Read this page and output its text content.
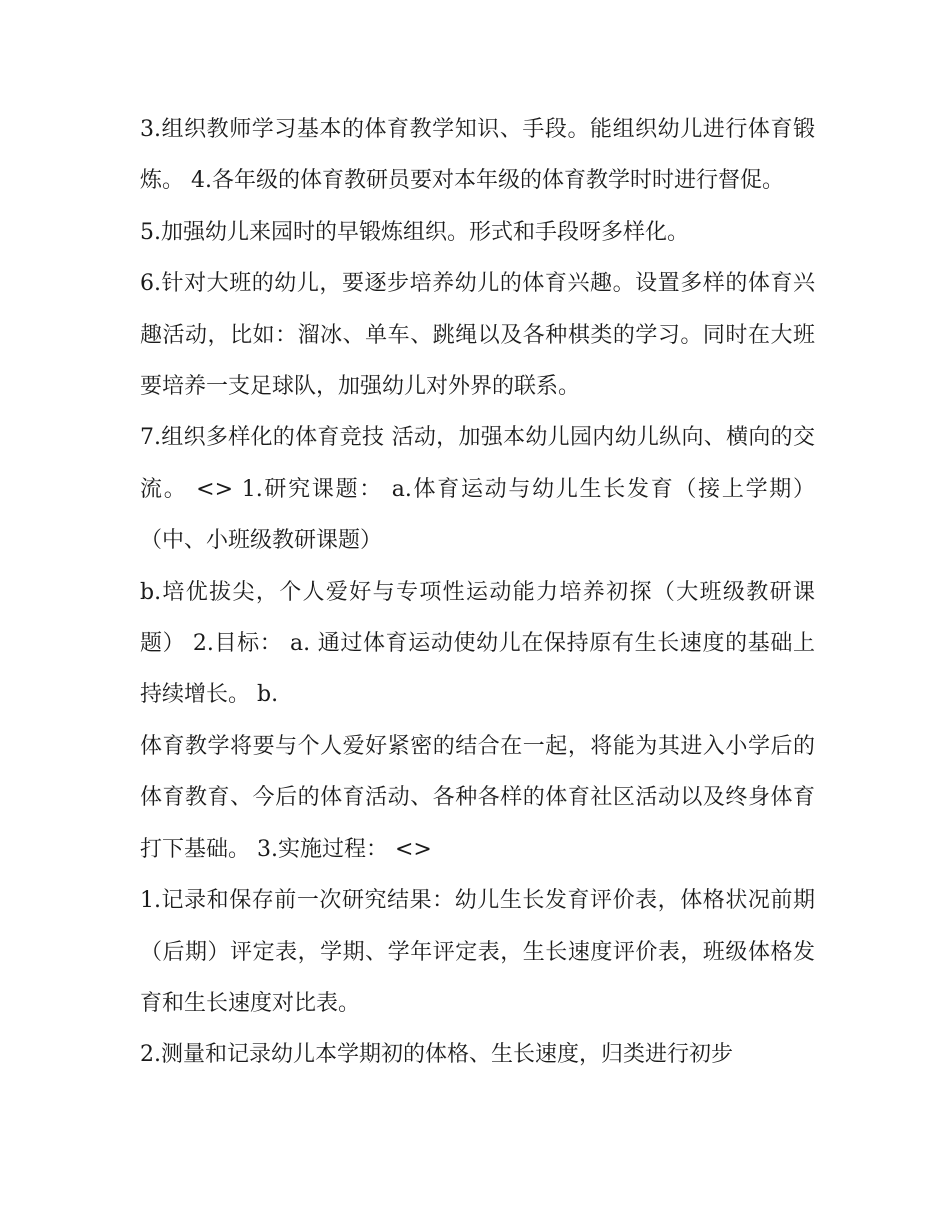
3.组织教师学习基本的体育教学知识、手段。能组织幼儿进行体育锻炼。 4.各年级的体育教研员要对本年级的体育教学时时进行督促。

5.加强幼儿来园时的早锻炼组织。形式和手段呀多样化。

6.针对大班的幼儿，要逐步培养幼儿的体育兴趣。设置多样的体育兴趣活动，比如：溜冰、单车、跳绳以及各种棋类的学习。同时在大班要培养一支足球队，加强幼儿对外界的联系。

7.组织多样化的体育竞技 活动，加强本幼儿园内幼儿纵向、横向的交流。 <> 1.研究课题： a.体育运动与幼儿生长发育（接上学期）（中、小班级教研课题）

b.培优拔尖，个人爱好与专项性运动能力培养初探（大班级教研课题） 2.目标： a. 通过体育运动使幼儿在保持原有生长速度的基础上持续增长。 b.

体育教学将要与个人爱好紧密的结合在一起，将能为其进入小学后的体育教育、今后的体育活动、各种各样的体育社区活动以及终身体育打下基础。 3.实施过程： <>

1.记录和保存前一次研究结果：幼儿生长发育评价表，体格状况前期（后期）评定表，学期、学年评定表，生长速度评价表，班级体格发育和生长速度对比表。

2.测量和记录幼儿本学期初的体格、生长速度，归类进行初步
